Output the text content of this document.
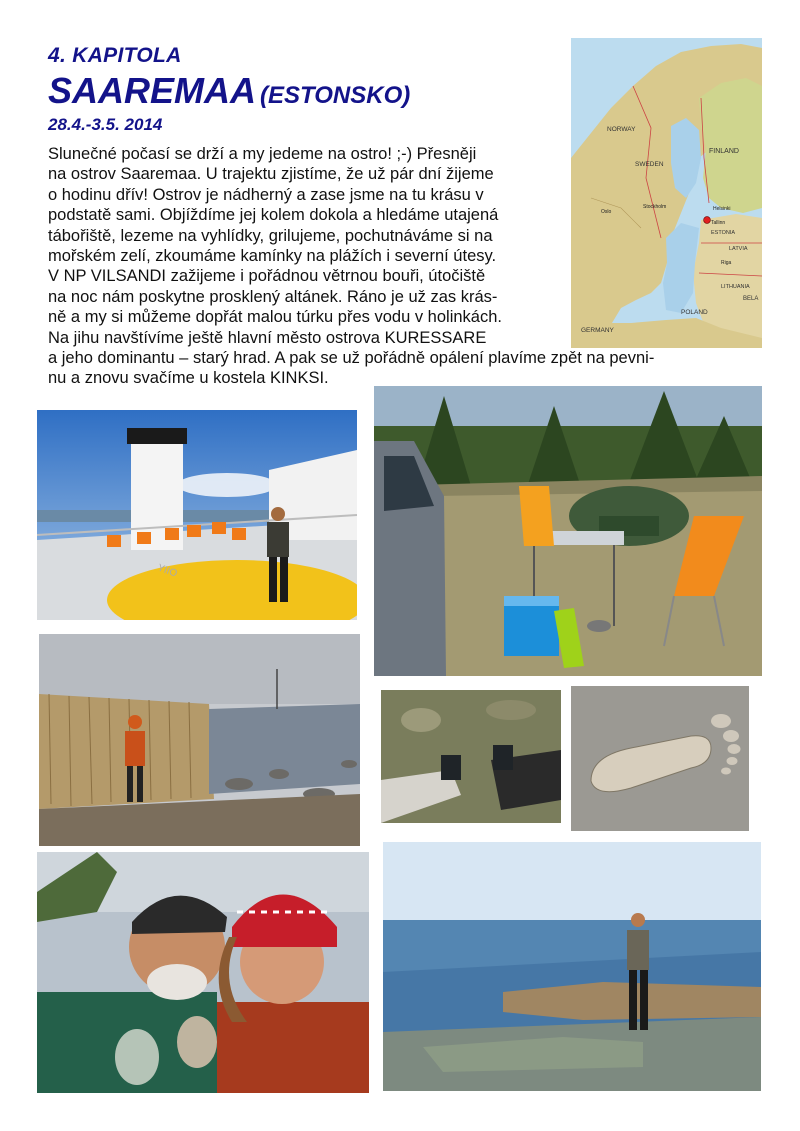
4. KAPITOLA
SAAREMAA (ESTONSKO)
28.4.-3.5. 2014
Slunečné počasí se drží a my jedeme na ostro! ;-) Přesněji
na ostrov Saaremaa. U trajektu zjistíme, že už pár dní žijeme
o hodinu dřív! Ostrov je nádherný a zase jsme na tu krásu v
podstatě sami. Objíždíme jej kolem dokola a hledáme utajená
tábořiště, lezeme na vyhlídky, grilujeme, pochutnáváme si na
mořském zelí, zkoumáme kamínky na plážích i severní útesy.
V NP VILSANDI zažijeme i pořádnou větrnou bouři, útočiště
na noc nám poskytne prosklený altánek. Ráno je už zas krás-
ně a my si můžeme dopřát malou túrku přes vodu v holinkách.
Na jihu navštívíme ještě hlavní město ostrova KURESSARE
a jeho dominantu – starý hrad. A pak se už pořádně opálení plavíme zpět na pevni-
nu a znovu svačíme u kostela KINKSI.
NORWAY
SWEDEN
FINLAND
ESTONIA
LATVIA
LITHUANIA
POLAND
GERMANY
BELA
Stockholm	Helsinki
Tallinn
Riga
Oslo
YIIO
